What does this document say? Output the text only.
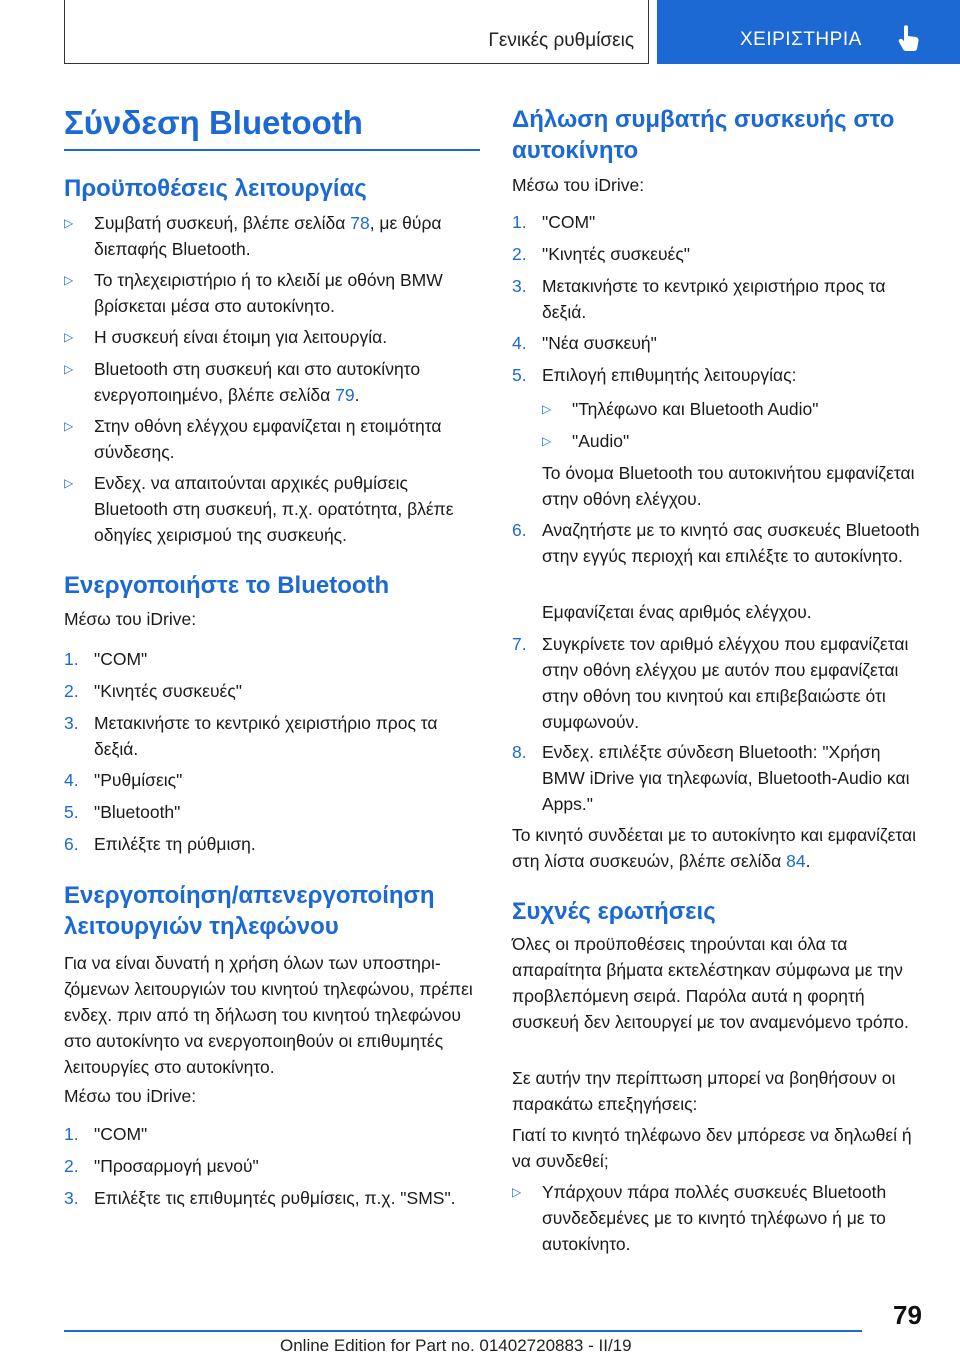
Γενικές ρυθμίσεις	ΧΕΙΡΙΣΤΗΡΙΑ
Σύνδεση Bluetooth
Προϋποθέσεις λειτουργίας
▷ Συμβατή συσκευή, βλέπε σελίδα 78, με θύρα διεπαφής Bluetooth.
▷ Το τηλεχειριστήριο ή το κλειδί με οθόνη BMW βρίσκεται μέσα στο αυτοκίνητο.
▷ Η συσκευή είναι έτοιμη για λειτουργία.
▷ Bluetooth στη συσκευή και στο αυτοκίνητο ενεργοποιημένο, βλέπε σελίδα 79.
▷ Στην οθόνη ελέγχου εμφανίζεται η ετοιμότητα σύνδεσης.
▷ Ενδεχ. να απαιτούνται αρχικές ρυθμίσεις Bluetooth στη συσκευή, π.χ. ορατότητα, βλέπε οδηγίες χειρισμού της συσκευής.
Ενεργοποιήστε το Bluetooth
Μέσω του iDrive:
1. "COM"
2. "Κινητές συσκευές"
3. Μετακινήστε το κεντρικό χειριστήριο προς τα δεξιά.
4. "Ρυθμίσεις"
5. "Bluetooth"
6. Επιλέξτε τη ρύθμιση.
Ενεργοποίηση/απενεργοποίηση λειτουργιών τηλεφώνου
Για να είναι δυνατή η χρήση όλων των υποστηριζόμενων λειτουργιών του κινητού τηλεφώνου, πρέπει ενδεχ. πριν από τη δήλωση του κινητού τηλεφώνου στο αυτοκίνητο να ενεργοποιηθούν οι επιθυμητές λειτουργίες στο αυτοκίνητο.
Μέσω του iDrive:
1. "COM"
2. "Προσαρμογή μενού"
3. Επιλέξτε τις επιθυμητές ρυθμίσεις, π.χ. "SMS".
Δήλωση συμβατής συσκευής στο αυτοκίνητο
Μέσω του iDrive:
1. "COM"
2. "Κινητές συσκευές"
3. Μετακινήστε το κεντρικό χειριστήριο προς τα δεξιά.
4. "Νέα συσκευή"
5. Επιλογή επιθυμητής λειτουργίας:
▷ "Τηλέφωνο και Bluetooth Audio"
▷ "Audio"
Το όνομα Bluetooth του αυτοκινήτου εμφανίζεται στην οθόνη ελέγχου.
6. Αναζητήστε με το κινητό σας συσκευές Bluetooth στην εγγύς περιοχή και επιλέξτε το αυτοκίνητο.
Εμφανίζεται ένας αριθμός ελέγχου.
7. Συγκρίνετε τον αριθμό ελέγχου που εμφανίζεται στην οθόνη ελέγχου με αυτόν που εμφανίζεται στην οθόνη του κινητού και επιβεβαιώστε ότι συμφωνούν.
8. Ενδεχ. επιλέξτε σύνδεση Bluetooth: "Χρήση BMW iDrive για τηλεφωνία, Bluetooth-Audio και Apps."
Το κινητό συνδέεται με το αυτοκίνητο και εμφανίζεται στη λίστα συσκευών, βλέπε σελίδα 84.
Συχνές ερωτήσεις
Όλες οι προϋποθέσεις τηρούνται και όλα τα απαραίτητα βήματα εκτελέστηκαν σύμφωνα με την προβλεπόμενη σειρά. Παρόλα αυτά η φορητή συσκευή δεν λειτουργεί με τον αναμενόμενο τρόπο.
Σε αυτήν την περίπτωση μπορεί να βοηθήσουν οι παρακάτω επεξηγήσεις:
Γιατί το κινητό τηλέφωνο δεν μπόρεσε να δηλωθεί ή να συνδεθεί;
▷ Υπάρχουν πάρα πολλές συσκευές Bluetooth συνδεδεμένες με το κινητό τηλέφωνο ή με το αυτοκίνητο.
79
Online Edition for Part no. 01402720883 - II/19
